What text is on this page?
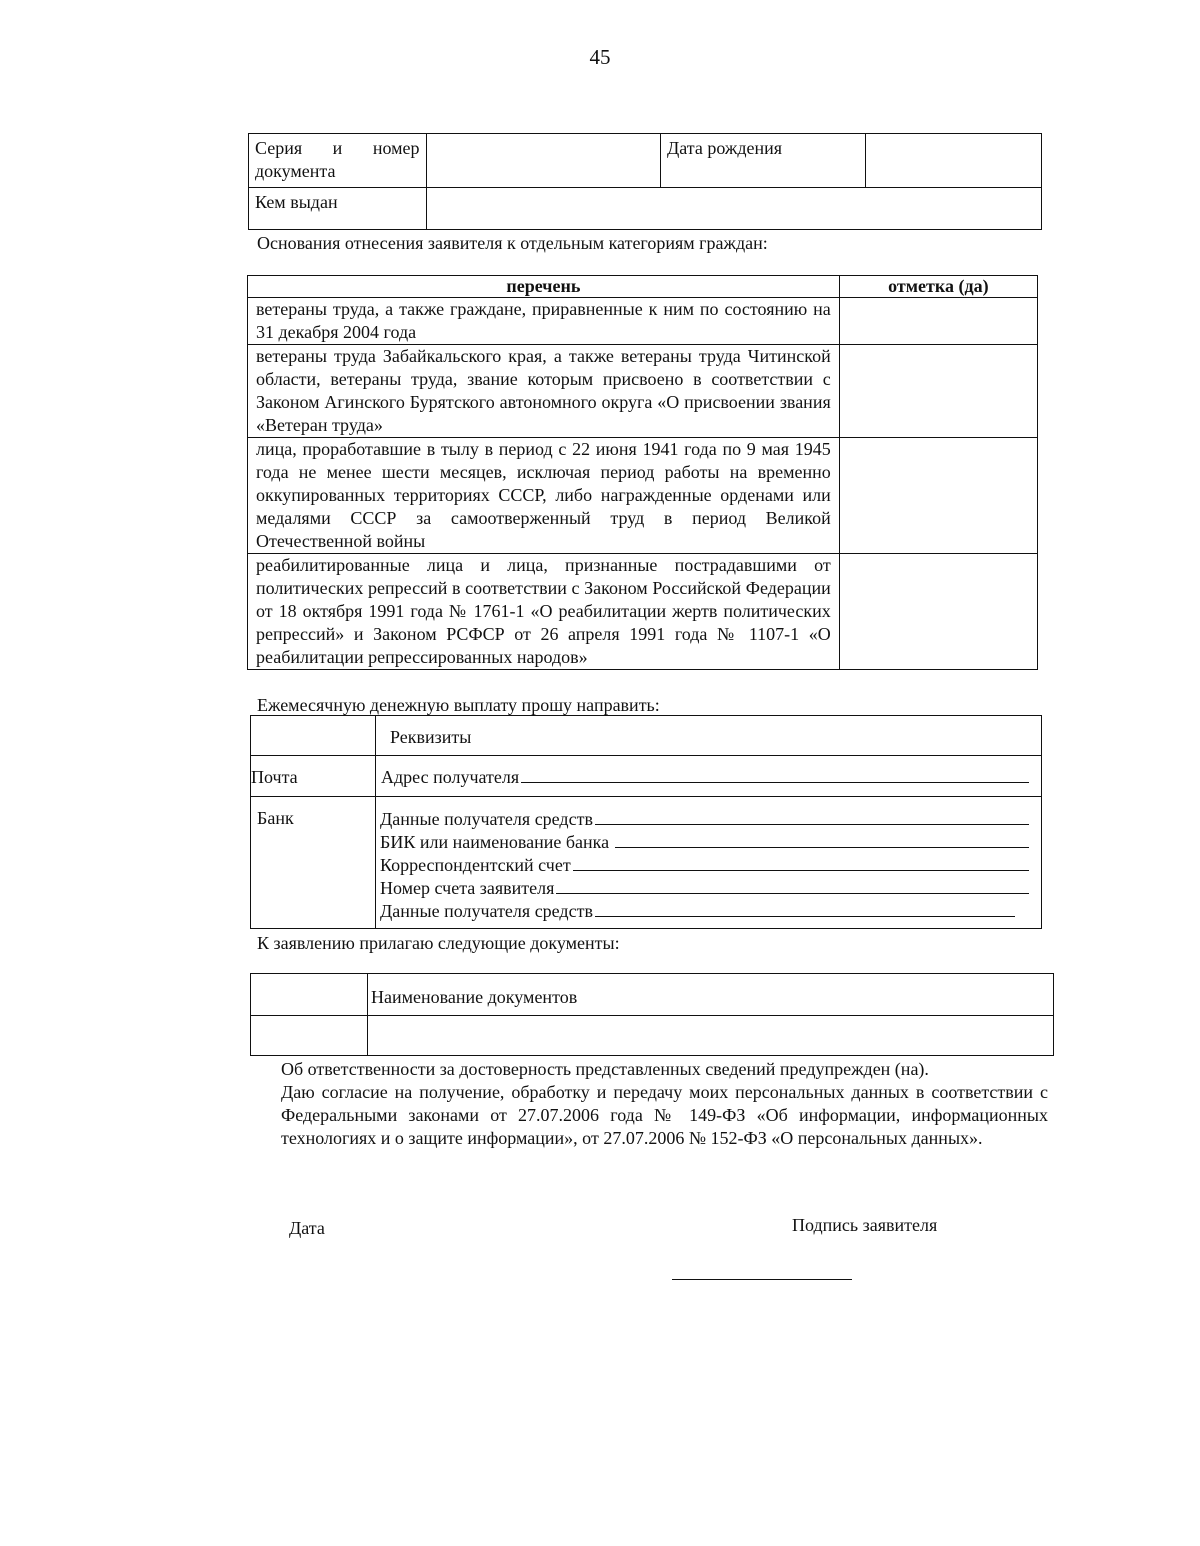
45
Серия и номер документа		Дата рождения	
Кем выдан			
Основания отнесения заявителя к отдельным категориям граждан:
перечень	отметка (да)
ветераны труда, а также граждане, приравненные к ним по состоянию на 31 декабря 2004 года	
ветераны труда Забайкальского края, а также ветераны труда Читинской области, ветераны труда, звание которым присвоено в соответствии с Законом Агинского Бурятского автономного округа «О присвоении звания «Ветеран труда»	
лица, проработавшие в тылу в период с 22 июня 1941 года по 9 мая 1945 года не менее шести месяцев, исключая период работы на временно оккупированных территориях СССР, либо награжденные орденами или медалями СССР за самоотверженный труд в период Великой Отечественной войны	
реабилитированные лица и лица, признанные пострадавшими от политических репрессий в соответствии с Законом Российской Федерации от 18 октября 1991 года № 1761-1 «О реабилитации жертв политических репрессий» и Законом РСФСР от 26 апреля 1991 года № 1107-1 «О реабилитации репрессированных народов»	
Ежемесячную денежную выплату прошу направить:
	Реквизиты
Почта	Адрес получателя

Банк	Данные получателя средств
БИК или наименование банка
Корреспондентский счет
Номер счета заявителя
Данные получателя средств
К заявлению прилагаю следующие документы:
	Наименование документов

Об ответственности за достоверность представленных сведений предупрежден (на).
Даю согласие на получение, обработку и передачу моих персональных данных в соответствии с Федеральными законами от 27.07.2006 года № 149-ФЗ «Об информации, информационных технологиях и о защите информации», от 27.07.2006 № 152-ФЗ «О персональных данных».
Дата	Подпись заявителя
